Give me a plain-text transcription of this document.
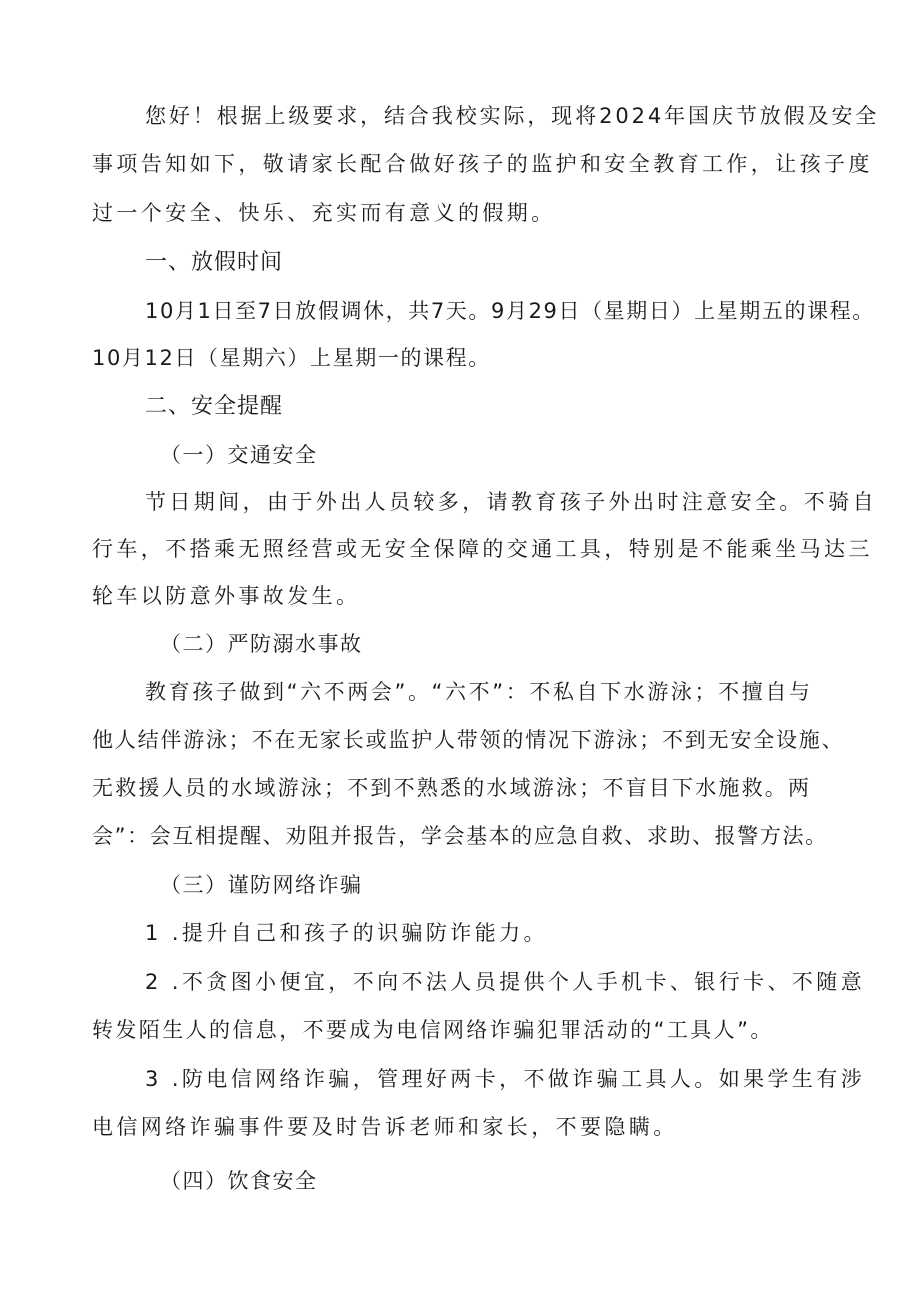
您好！根据上级要求，结合我校实际，现将2024年国庆节放假及安全

事项告知如下，敬请家长配合做好孩子的监护和安全教育工作，让孩子度

过一个安全、快乐、充实而有意义的假期。

一、放假时间

10月1日至7日放假调休，共7天。9月29日（星期日）上星期五的课程。

10月12日（星期六）上星期一的课程。

二、安全提醒

（一）交通安全

节日期间，由于外出人员较多，请教育孩子外出时注意安全。不骑自

行车，不搭乘无照经营或无安全保障的交通工具，特别是不能乘坐马达三

轮车以防意外事故发生。

（二）严防溺水事故

教育孩子做到“六不两会”。“六不”：不私自下水游泳；不擅自与

他人结伴游泳；不在无家长或监护人带领的情况下游泳；不到无安全设施、

无救援人员的水域游泳；不到不熟悉的水域游泳；不盲目下水施救。两

会”：会互相提醒、劝阻并报告，学会基本的应急自救、求助、报警方法。

（三）谨防网络诈骗

1 .提升自己和孩子的识骗防诈能力。

2 .不贪图小便宜，不向不法人员提供个人手机卡、银行卡、不随意

转发陌生人的信息，不要成为电信网络诈骗犯罪活动的“工具人”。

3 .防电信网络诈骗，管理好两卡，不做诈骗工具人。如果学生有涉

电信网络诈骗事件要及时告诉老师和家长，不要隐瞒。

（四）饮食安全
